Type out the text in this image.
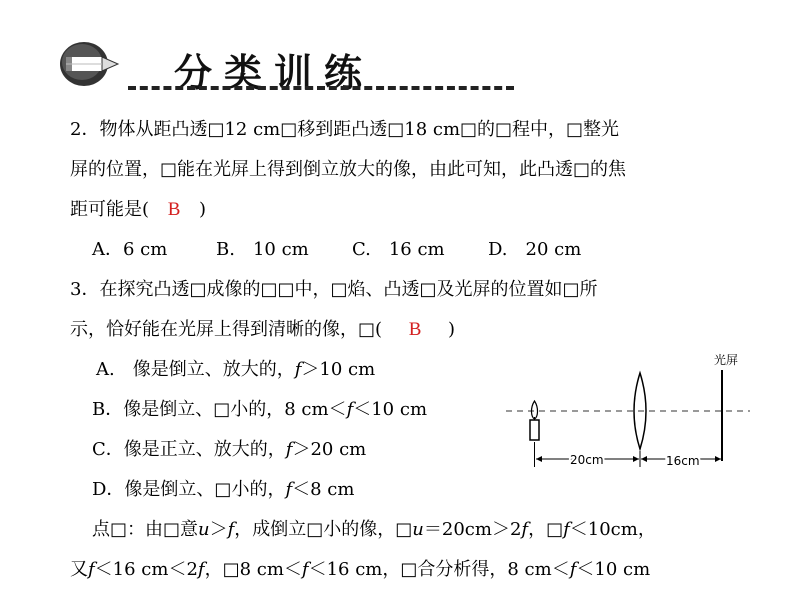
分类训练
2．物体从距凸透□12 cm□移到距凸透□18 cm□的□程中，□整光
屏的位置，□能在光屏上得到倒立放大的像，由此可知，此凸透□的焦
距可能是( B )
A．6 cm	B.　10 cm C.　16 cm D.　20 cm
3．在探究凸透□成像的□□中，□焰、凸透□及光屏的位置如□所
示，恰好能在光屏上得到清晰的像，□( B )
A.　像是倒立、放大的，f＞10 cm
B．像是倒立、□小的，8 cm＜f＜10 cm
C．像是正立、放大的，f＞20 cm
D．像是倒立、□小的，f＜8 cm
点□：由□意u＞f，成倒立□小的像，□u＝20cm＞2f，□f＜10cm，
又f＜16 cm＜2f，□8 cm＜f＜16 cm，□合分析得，8 cm＜f＜10 cm
光屏
20cm	16cm
